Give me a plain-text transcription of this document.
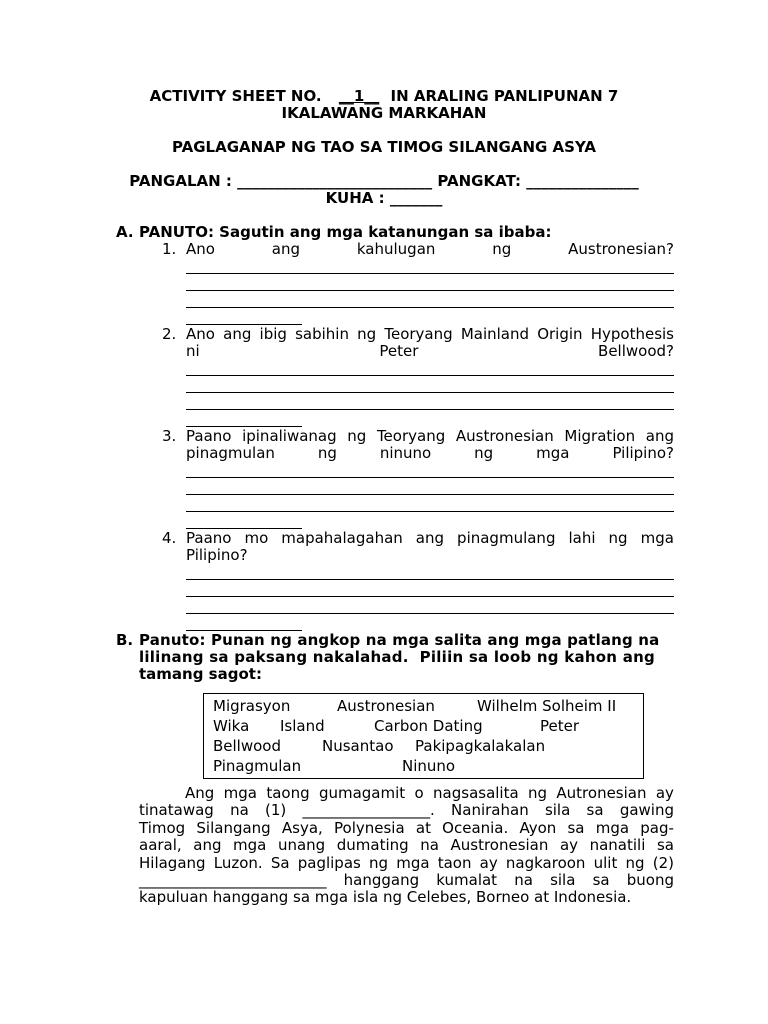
ACTIVITY SHEET NO. __1__ IN ARALING PANLIPUNAN 7
IKALAWANG MARKAHAN
PAGLAGANAP NG TAO SA TIMOG SILANGANG ASYA
PANGALAN : __________________________ PANGKAT: _______________
KUHA : _______
A. PANUTO: Sagutin ang mga katanungan sa ibaba:
1. Ano	ang	kahulugan	ng	Austronesian?
2. Ano ang ibig sabihin ng Teoryang Mainland Origin Hypothesis
ni	Peter	Bellwood?
3. Paano ipinaliwanag ng Teoryang Austronesian Migration ang
pinagmulan	ng	ninuno	ng	mga	Pilipino?
4. Paano mo mapahalagahan ang pinagmulang lahi ng mga
Pilipino?
B. Panuto: Punan ng angkop na mga salita ang mga patlang na
lilinang sa paksang nakalahad.  Piliin sa loob ng kahon ang
tamang sagot:
Migrasyon	Austronesian	Wilhelm Solheim II
Wika Island	Carbon Dating	Peter
Bellwood	Nusantao Pakipagkalakalan
Pinagmulan	Ninuno
Ang mga taong gumagamit o nagsasalita ng Autronesian ay
tinatawag na (1) _________________. Nanirahan sila sa gawing
Timog Silangang Asya, Polynesia at Oceania. Ayon sa mga pag-
aaral, ang mga unang dumating na Austronesian ay nanatili sa
Hilagang Luzon. Sa paglipas ng mga taon ay nagkaroon ulit ng (2)
_________________________ hanggang kumalat na sila sa buong
kapuluan hanggang sa mga isla ng Celebes, Borneo at Indonesia.
